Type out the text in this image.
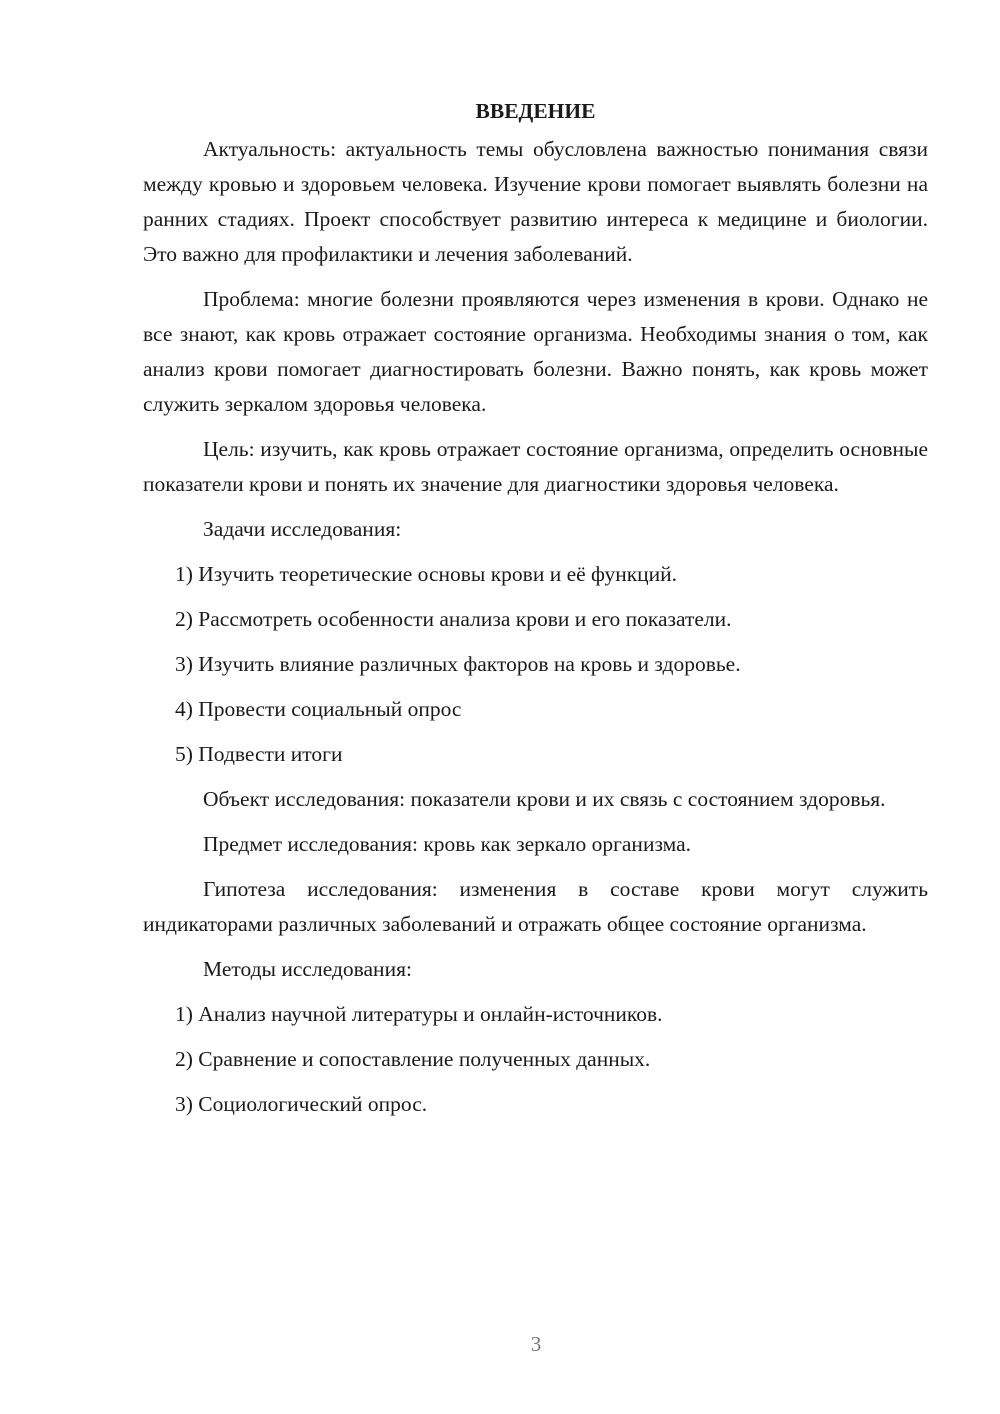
ВВЕДЕНИЕ

Актуальность: актуальность темы обусловлена важностью понимания связи между кровью и здоровьем человека. Изучение крови помогает выявлять болезни на ранних стадиях. Проект способствует развитию интереса к медицине и биологии. Это важно для профилактики и лечения заболеваний.

Проблема: многие болезни проявляются через изменения в крови. Однако не все знают, как кровь отражает состояние организма. Необходимы знания о том, как анализ крови помогает диагностировать болезни. Важно понять, как кровь может служить зеркалом здоровья человека.

Цель: изучить, как кровь отражает состояние организма, определить основные показатели крови и понять их значение для диагностики здоровья человека.

Задачи исследования:

1) Изучить теоретические основы крови и её функций.

2) Рассмотреть особенности анализа крови и его показатели.

3) Изучить влияние различных факторов на кровь и здоровье.

4) Провести социальный опрос

5) Подвести итоги

Объект исследования: показатели крови и их связь с состоянием здоровья.

Предмет исследования: кровь как зеркало организма.

Гипотеза исследования: изменения в составе крови могут служить индикаторами различных заболеваний и отражать общее состояние организма.

Методы исследования:

1) Анализ научной литературы и онлайн-источников.

2) Сравнение и сопоставление полученных данных.

3) Социологический опрос.

3
